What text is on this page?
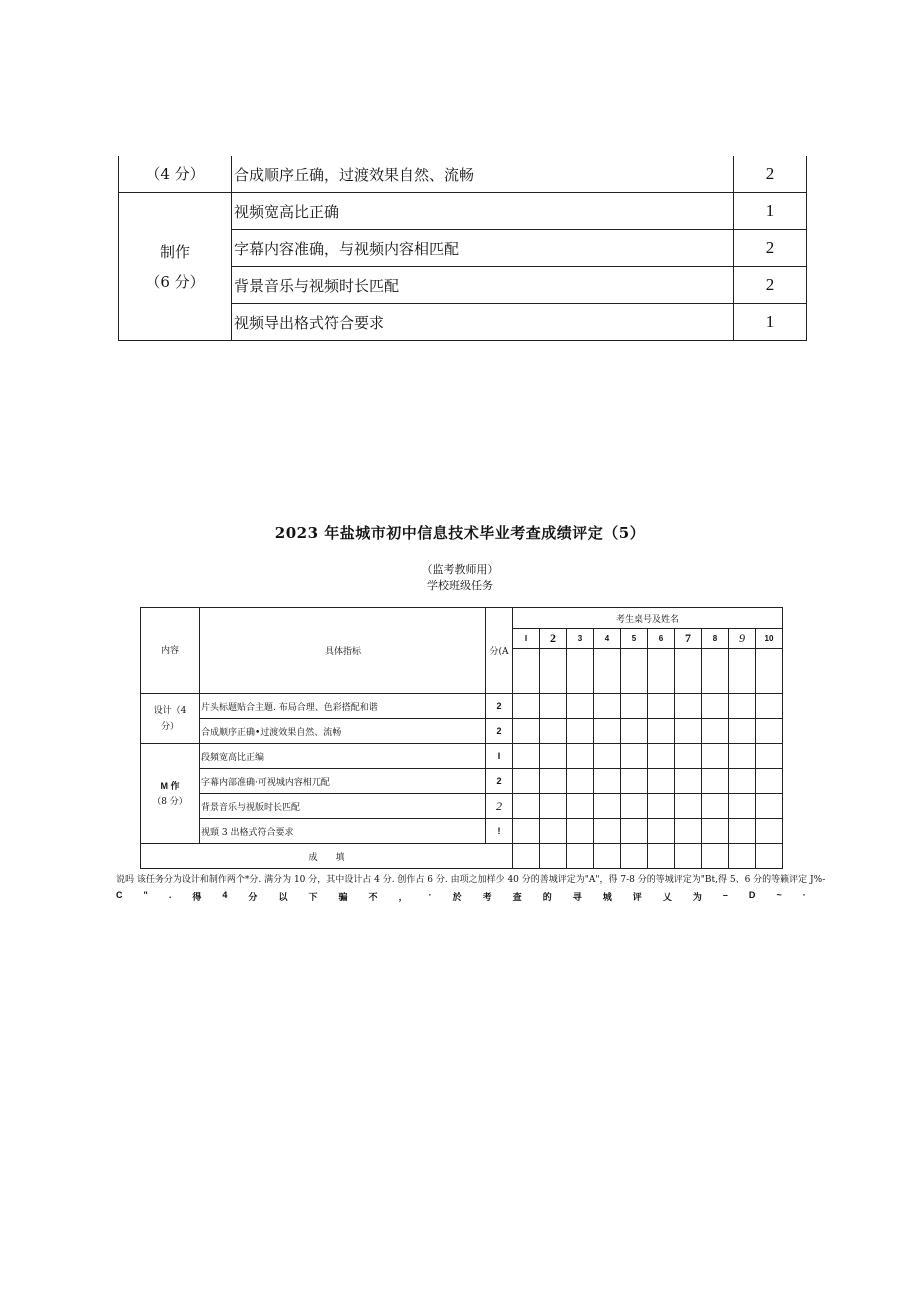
（4 分）	合成顺序丘确，过渡效果自然、流畅	2

制作
（6 分）	视频宽高比正确	1
	字幕内容准确，与视频内容相匹配	2
	背景音乐与视频时长匹配	2
	视频导出格式符合要求	1
2023 年盐城市初中信息技术毕业考查成绩评定（5）
（监考教师用）
学校班级任务
内容	具体指标	分(A	考生桌号及姓名									
			I	2	3	4	5	6	7	8	9	10

设计（4
分）	片头标题贴合主題. 布局合理、色彩搭配和谐	2										
	合成顺序正确•过渡效果自然、流畅	2										

M 作
（8 分）	段頻宽高比正编	I										
	字幕内部准确·可视城内容相兀配	2										
	背景音乐与视版时长匹配	2										
	视頸 3 出格式符合要求	!										
成　　填												
说吗 该任务分为设计和制作两个*分. 满分为 10 分，其中设计占 4 分. 创作占 6 分. 由项之加样少 40 分的善城评定为"A"，得 7-8 分的等城评定为"Bt,得 5、6 分的等籁评定 J%-
C " . 得 4 分 以 下 骗 不 ， · 於 考 查 的 寻 城 评 乂 为 – D ~ ·
